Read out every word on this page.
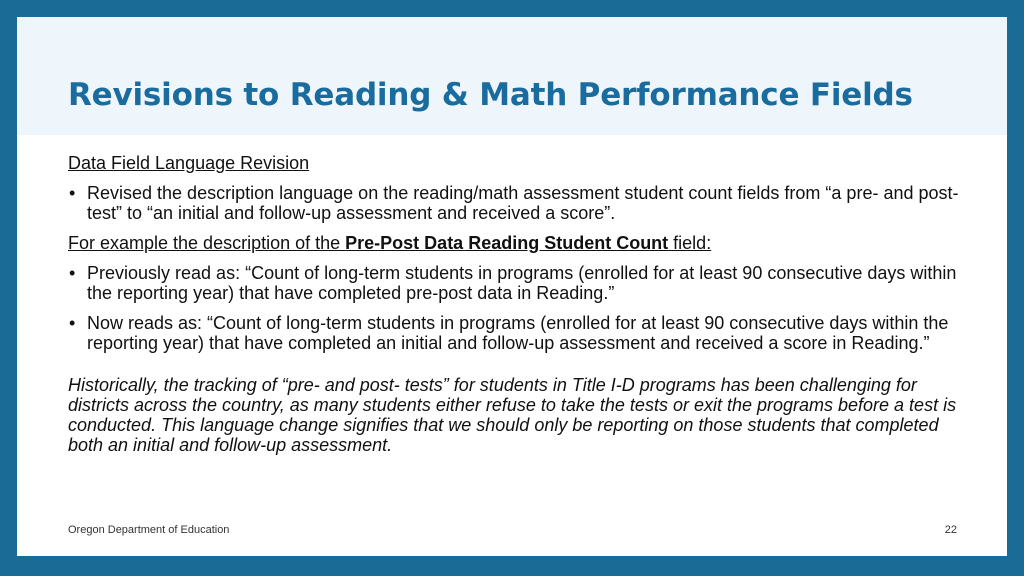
Revisions to Reading & Math Performance Fields
Data Field Language Revision
• Revised the description language on the reading/math assessment student count fields from “a pre- and post-test” to “an initial and follow-up assessment and received a score”.
For example the description of the Pre-Post Data Reading Student Count field:
• Previously read as: “Count of long-term students in programs (enrolled for at least 90 consecutive days within the reporting year) that have completed pre-post data in Reading.”
• Now reads as: “Count of long-term students in programs (enrolled for at least 90 consecutive days within the reporting year) that have completed an initial and follow-up assessment and received a score in Reading.”
Historically, the tracking of “pre- and post- tests” for students in Title I-D programs has been challenging for districts across the country, as many students either refuse to take the tests or exit the programs before a test is conducted. This language change signifies that we should only be reporting on those students that completed both an initial and follow-up assessment.
Oregon Department of Education	22
